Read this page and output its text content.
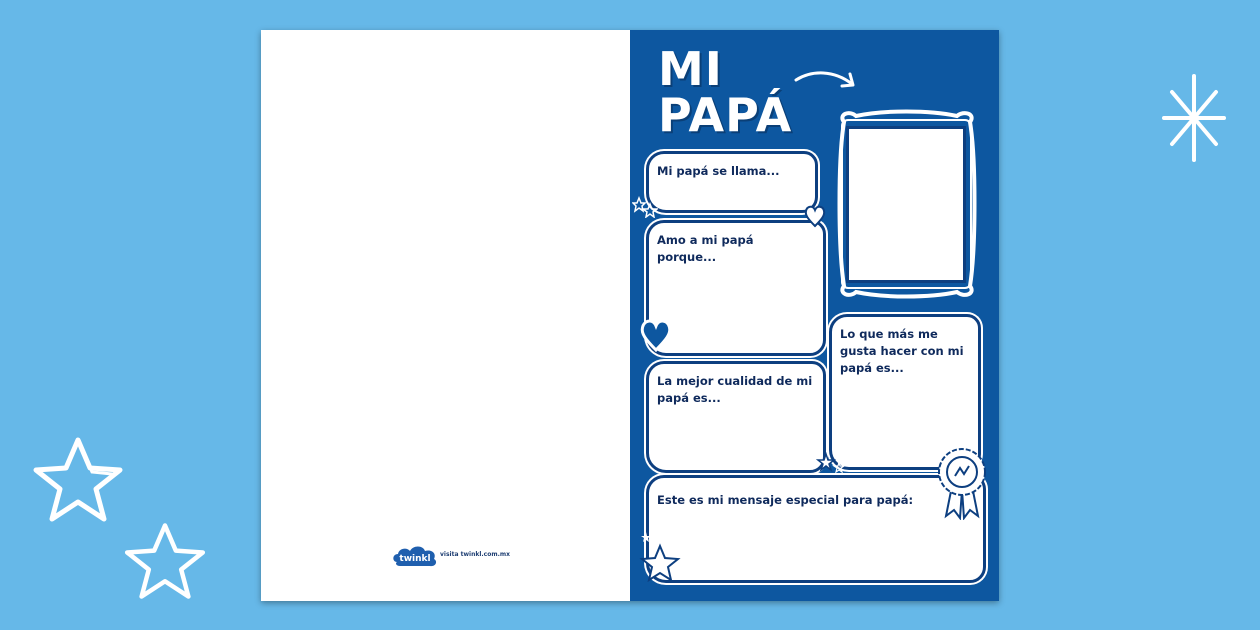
twinkl visita twinkl.com.mx
MI
PAPÁ
Mi papá se llama...
Amo a mi papá porque...
La mejor cualidad de mi papá es...
Lo que más me gusta hacer con mi papá es...
Este es mi mensaje especial para papá:
